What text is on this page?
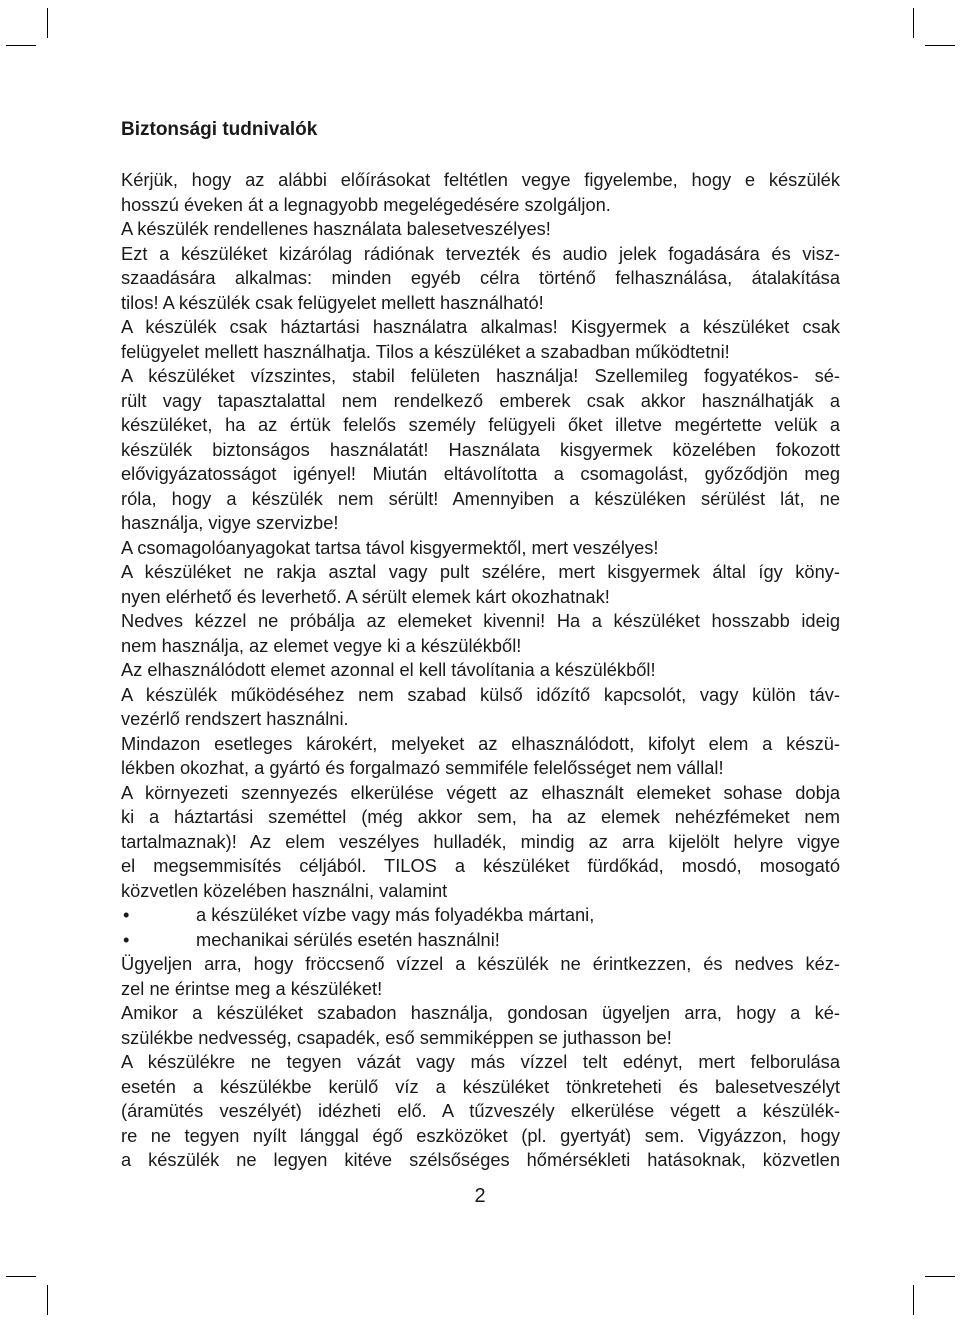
Biztonsági tudnivalók
Kérjük, hogy az alábbi előírásokat feltétlen vegye figyelembe, hogy e készülék
hosszú éveken át a legnagyobb megelégedésére szolgáljon.
A készülék rendellenes használata balesetveszélyes!
Ezt a készüléket kizárólag rádiónak tervezték és audio jelek fogadására és visz-
szaadására alkalmas: minden egyéb célra történő felhasználása, átalakítása
tilos! A készülék csak felügyelet mellett használható!
A készülék csak háztartási használatra alkalmas! Kisgyermek a készüléket csak
felügyelet mellett használhatja. Tilos a készüléket a szabadban működtetni!
A készüléket vízszintes, stabil felületen használja! Szellemileg fogyatékos- sé-
rült vagy tapasztalattal nem rendelkező emberek csak akkor használhatják a
készüléket, ha az értük felelős személy felügyeli őket illetve megértette velük a
készülék biztonságos használatát! Használata kisgyermek közelében fokozott
elővigyázatosságot igényel! Miután eltávolította a csomagolást, győződjön meg
róla, hogy a készülék nem sérült! Amennyiben a készüléken sérülést lát, ne
használja, vigye szervizbe!
A csomagolóanyagokat tartsa távol kisgyermektől, mert veszélyes!
A készüléket ne rakja asztal vagy pult szélére, mert kisgyermek által így köny-
nyen elérhető és leverhető. A sérült elemek kárt okozhatnak!
Nedves kézzel ne próbálja az elemeket kivenni! Ha a készüléket hosszabb ideig
nem használja, az elemet vegye ki a készülékből!
Az elhasználódott elemet azonnal el kell távolítania a készülékből!
A készülék működéséhez nem szabad külső időzítő kapcsolót, vagy külön táv-
vezérlő rendszert használni.
Mindazon esetleges károkért, melyeket az elhasználódott, kifolyt elem a készü-
lékben okozhat, a gyártó és forgalmazó semmiféle felelősséget nem vállal!
A környezeti szennyezés elkerülése végett az elhasznált elemeket sohase dobja
ki a háztartási szeméttel (még akkor sem, ha az elemek nehézfémeket nem
tartalmaznak)! Az elem veszélyes hulladék, mindig az arra kijelölt helyre vigye
el megsemmisítés céljából. TILOS a készüléket fürdőkád, mosdó, mosogató
közvetlen közelében használni, valamint
•	a készüléket vízbe vagy más folyadékba mártani,
•	mechanikai sérülés esetén használni!
Ügyeljen arra, hogy fröccsenő vízzel a készülék ne érintkezzen, és nedves kéz-
zel ne érintse meg a készüléket!
Amikor a készüléket szabadon használja, gondosan ügyeljen arra, hogy a ké-
szülékbe nedvesség, csapadék, eső semmiképpen se juthasson be!
A készülékre ne tegyen vázát vagy más vízzel telt edényt, mert felborulása
esetén a készülékbe kerülő víz a készüléket tönkreteheti és balesetveszélyt
(áramütés veszélyét) idézheti elő. A tűzveszély elkerülése végett a készülék-
re ne tegyen nyílt lánggal égő eszközöket (pl. gyertyát) sem. Vigyázzon, hogy
a készülék ne legyen kitéve szélsőséges hőmérsékleti hatásoknak, közvetlen
2
